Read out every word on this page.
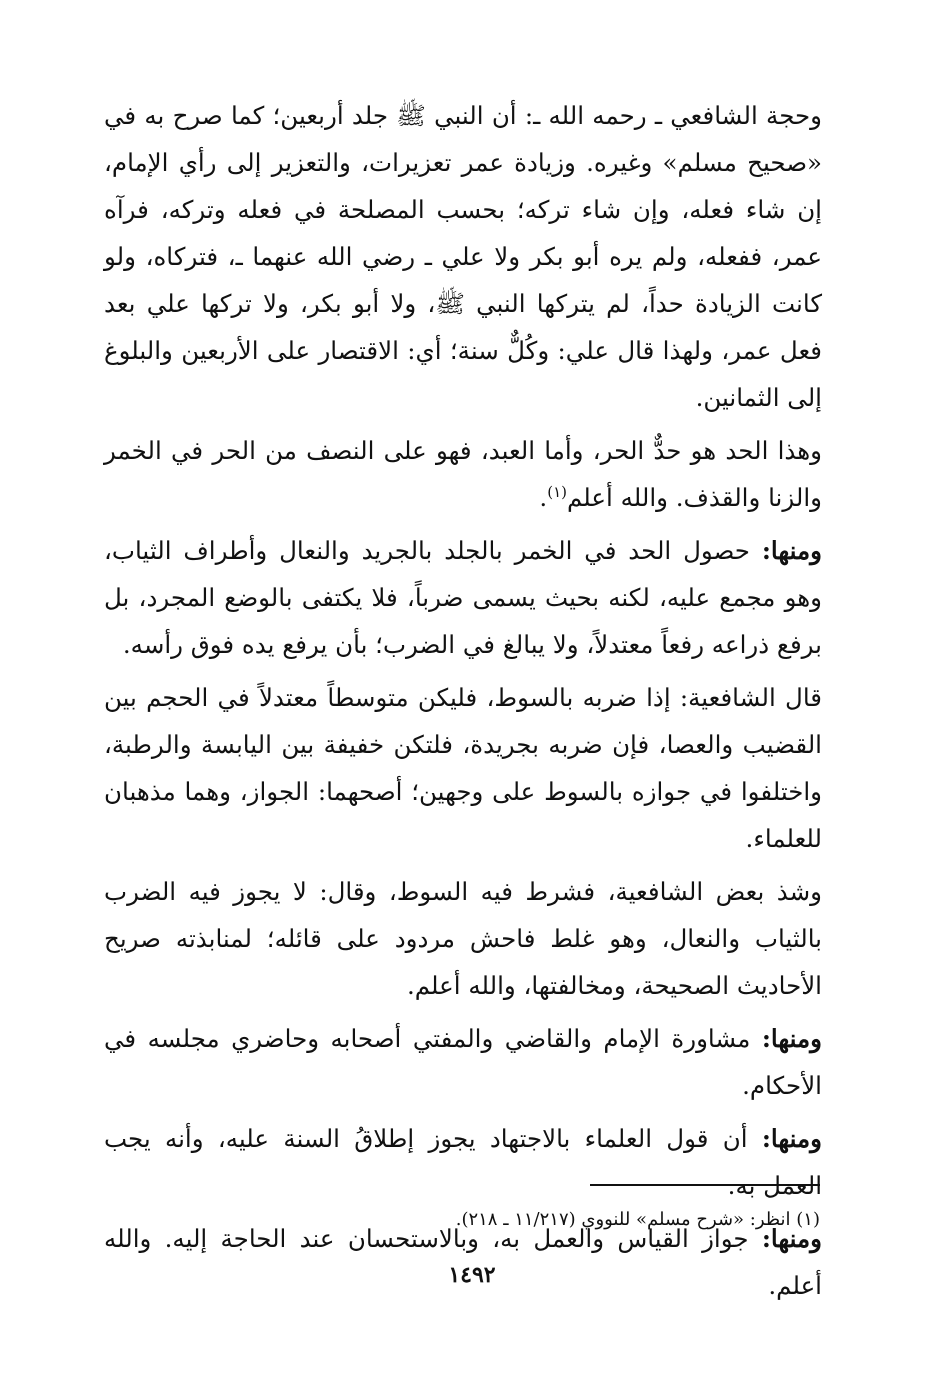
وحجة الشافعي ـ رحمه الله ـ: أن النبي ﷺ جلد أربعين؛ كما صرح به في «صحيح مسلم» وغيره. وزيادة عمر تعزيرات، والتعزير إلى رأي الإمام، إن شاء فعله، وإن شاء تركه؛ بحسب المصلحة في فعله وتركه، فرآه عمر، ففعله، ولم يره أبو بكر ولا علي ـ رضي الله عنهما ـ، فتركاه، ولو كانت الزيادة حداً، لم يتركها النبي ﷺ، ولا أبو بكر، ولا تركها علي بعد فعل عمر، ولهذا قال علي: وكُلٌّ سنة؛ أي: الاقتصار على الأربعين والبلوغ إلى الثمانين.

وهذا الحد هو حدٌّ الحر، وأما العبد، فهو على النصف من الحر في الخمر والزنا والقذف. والله أعلم$^{(١)}$.

ومنها: حصول الحد في الخمر بالجلد بالجريد والنعال وأطراف الثياب، وهو مجمع عليه، لكنه بحيث يسمى ضرباً، فلا يكتفى بالوضع المجرد، بل برفع ذراعه رفعاً معتدلاً، ولا يبالغ في الضرب؛ بأن يرفع يده فوق رأسه.

قال الشافعية: إذا ضربه بالسوط، فليكن متوسطاً معتدلاً في الحجم بين القضيب والعصا، فإن ضربه بجريدة، فلتكن خفيفة بين اليابسة والرطبة، واختلفوا في جوازه بالسوط على وجهين؛ أصحهما: الجواز، وهما مذهبان للعلماء.

وشذ بعض الشافعية، فشرط فيه السوط، وقال: لا يجوز فيه الضرب بالثياب والنعال، وهو غلط فاحش مردود على قائله؛ لمنابذته صريح الأحاديث الصحيحة، ومخالفتها، والله أعلم.

ومنها: مشاورة الإمام والقاضي والمفتي أصحابه وحاضري مجلسه في الأحكام.

ومنها: أن قول العلماء بالاجتهاد يجوز إطلاقُ السنة عليه، وأنه يجب العمل به.

ومنها: جواز القياس والعمل به، وبالاستحسان عند الحاجة إليه. والله أعلم.

(١) انظر: «شرح مسلم» للنووي (١١/٢١٧ ـ ٢١٨).
١٤٩٢
